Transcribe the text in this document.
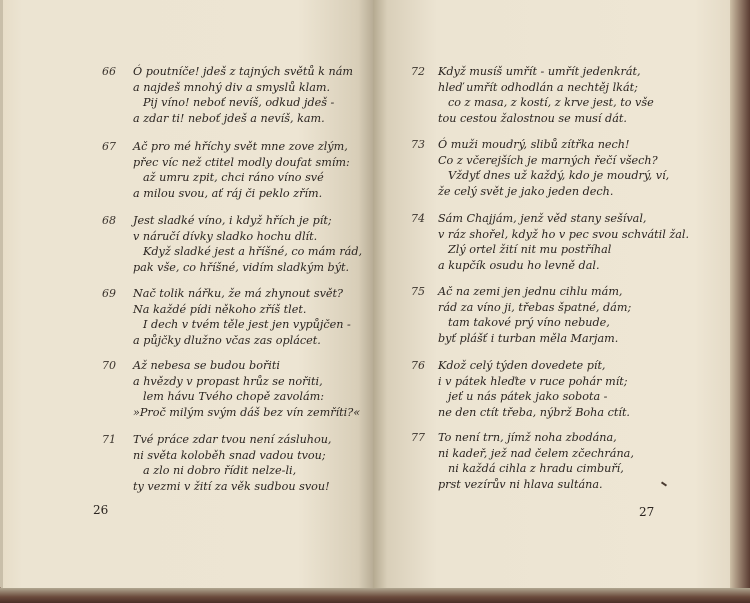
66	Ó poutníče! jdeš z tajných světů k nám
a najdeš mnohý div a smyslů klam.
Pij víno! neboť nevíš, odkud jdeš -
a zdar ti! neboť jdeš a nevíš, kam.
67	Ač pro mé hříchy svět mne zove zlým,
přec víc než ctitel modly doufat smím:
až umru zpit, chci ráno víno své
a milou svou, ať ráj či peklo zřím.
68	Jest sladké víno, i když hřích je pít;
v náručí dívky sladko hochu dlít.
Když sladké jest a hříšné, co mám rád,
pak vše, co hříšné, vidím sladkým být.
69	Nač tolik nářku, že má zhynout svět?
Na každé pídi někoho zříš tlet.
I dech v tvém těle jest jen vypůjčen -
a půjčky dlužno včas zas oplácet.
70	Až nebesa se budou bořiti
a hvězdy v propast hrůz se nořiti,
lem hávu Tvého chopě zavolám:
»Proč milým svým dáš bez vín zemříti?«
71	Tvé práce zdar tvou není zásluhou,
ni světa koloběh snad vadou tvou;
a zlo ni dobro řídit nelze-li,
ty vezmi v žití za věk sudbou svou!
26
72	Když musíš umřít - umřít jedenkrát,
hleď umřít odhodlán a nechtěj lkát;
co z masa, z kostí, z krve jest, to vše
tou cestou žalostnou se musí dát.
73	Ó muži moudrý, slibů zítřka nech!
Co z včerejších je marných řečí všech?
Vždyť dnes už každý, kdo je moudrý, ví,
že celý svět je jako jeden dech.
74	Sám Chajjám, jenž věd stany sešíval,
v ráz shořel, když ho v pec svou schvátil žal.
Zlý ortel žití nit mu postříhal
a kupčík osudu ho levně dal.
75	Ač na zemi jen jednu cihlu mám,
rád za víno ji, třebas špatné, dám;
tam takové prý víno nebude,
byť plášť i turban měla Marjam.
76	Kdož celý týden dovedete pít,
i v pátek hleďte v ruce pohár mít;
jeť u nás pátek jako sobota -
ne den ctít třeba, nýbrž Boha ctít.
77	To není trn, jímž noha zbodána,
ni kadeř, jež nad čelem zčechrána,
ni každá cihla z hradu cimbuří,
prst vezírův ni hlava sultána.
27
